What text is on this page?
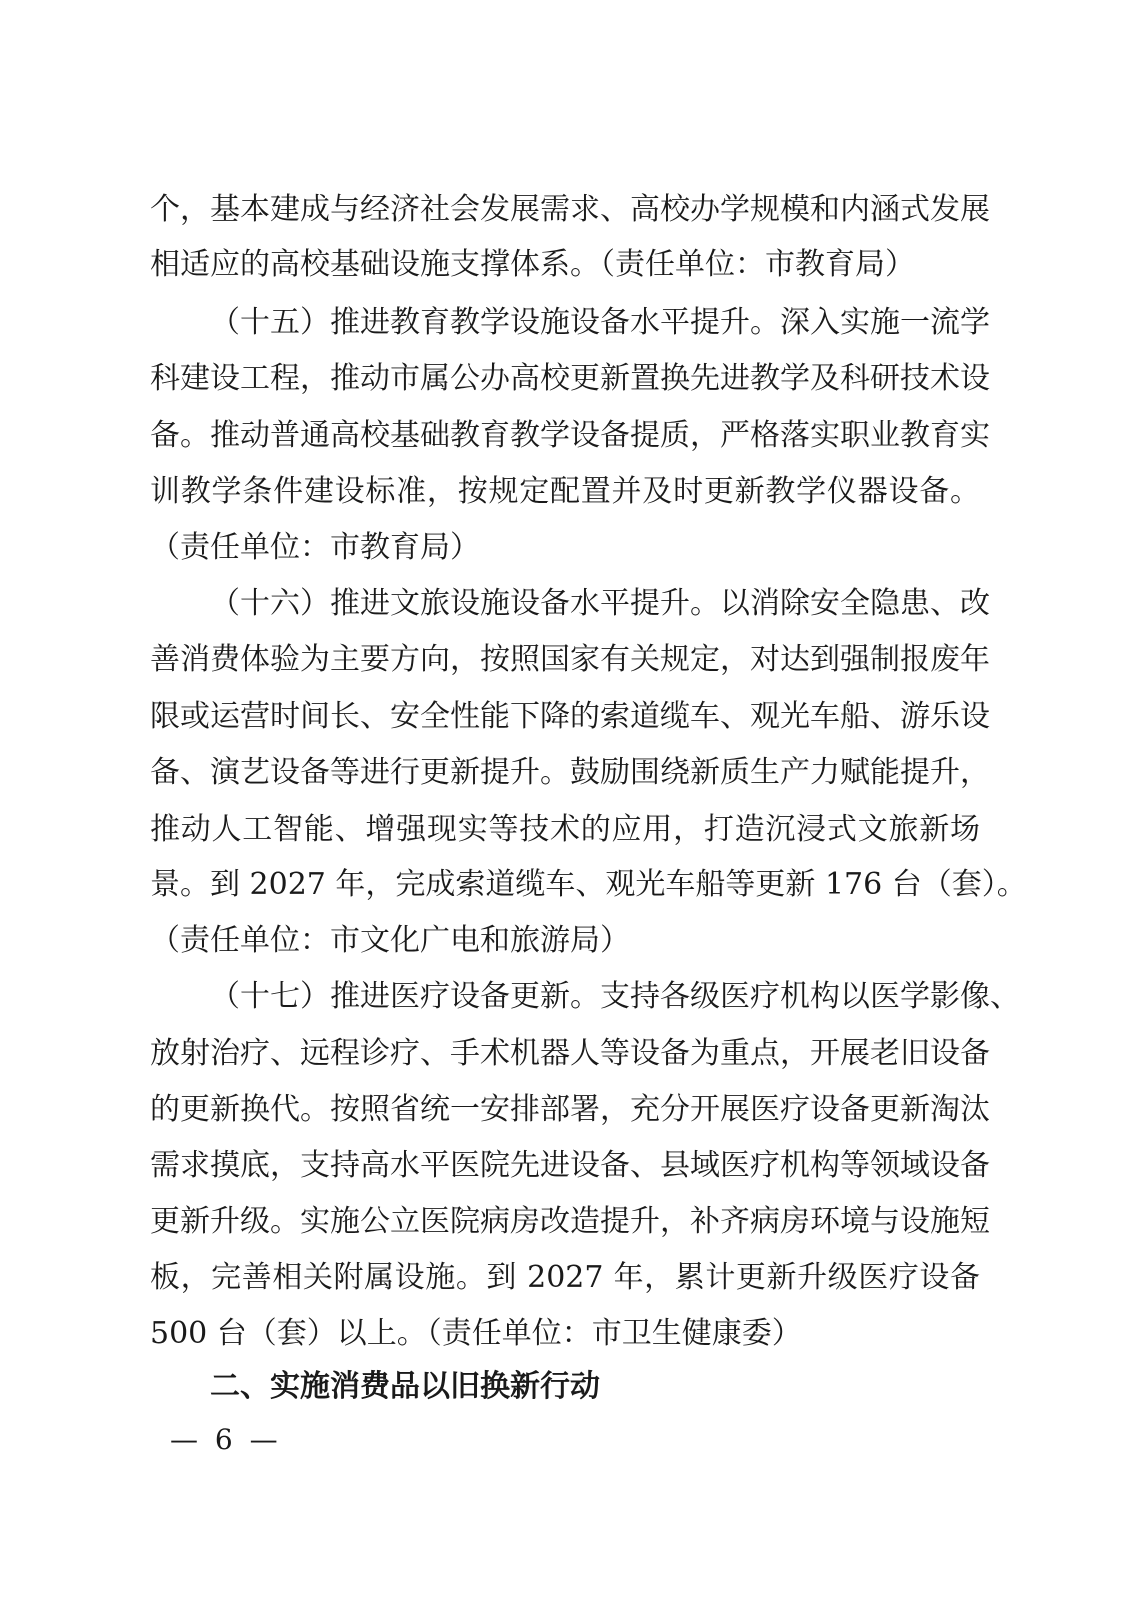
个，基本建成与经济社会发展需求、高校办学规模和内涵式发展
相适应的高校基础设施支撑体系。（责任单位：市教育局）
（十五）推进教育教学设施设备水平提升。深入实施一流学
科建设工程，推动市属公办高校更新置换先进教学及科研技术设
备。推动普通高校基础教育教学设备提质，严格落实职业教育实
训教学条件建设标准，按规定配置并及时更新教学仪器设备。
（责任单位：市教育局）
（十六）推进文旅设施设备水平提升。以消除安全隐患、改
善消费体验为主要方向，按照国家有关规定，对达到强制报废年
限或运营时间长、安全性能下降的索道缆车、观光车船、游乐设
备、演艺设备等进行更新提升。鼓励围绕新质生产力赋能提升，
推动人工智能、增强现实等技术的应用，打造沉浸式文旅新场
景。到 2027 年，完成索道缆车、观光车船等更新 176 台（套）。
（责任单位：市文化广电和旅游局）
（十七）推进医疗设备更新。支持各级医疗机构以医学影像、
放射治疗、远程诊疗、手术机器人等设备为重点，开展老旧设备
的更新换代。按照省统一安排部署，充分开展医疗设备更新淘汰
需求摸底，支持高水平医院先进设备、县域医疗机构等领域设备
更新升级。实施公立医院病房改造提升，补齐病房环境与设施短
板，完善相关附属设施。到 2027 年，累计更新升级医疗设备
500 台（套）以上。（责任单位：市卫生健康委）
二、实施消费品以旧换新行动
— 6 —
